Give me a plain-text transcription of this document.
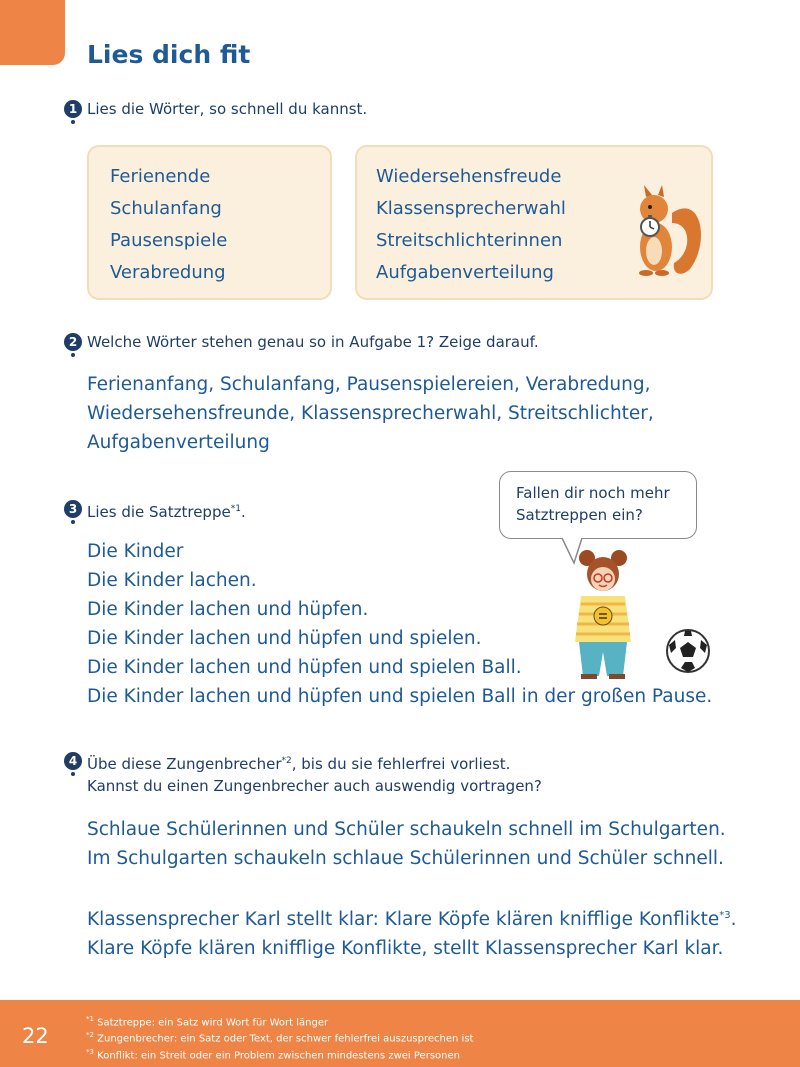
Lies dich fit
1 Lies die Wörter, so schnell du kannst.
Ferienende
Schulanfang
Pausenspiele
Verabredung
Wiedersehensfreude
Klassensprecherwahl
Streitschlichterinnen
Aufgabenverteilung
2 Welche Wörter stehen genau so in Aufgabe 1? Zeige darauf.
Ferienanfang, Schulanfang, Pausenspielereien, Verabredung,
Wiedersehensfreunde, Klassensprecherwahl, Streitschlichter,
Aufgabenverteilung
3 Lies die Satztreppe$^{*1}$.
Fallen dir noch mehr
Satztreppen ein?
Die Kinder
Die Kinder lachen.
Die Kinder lachen und hüpfen.
Die Kinder lachen und hüpfen und spielen.
Die Kinder lachen und hüpfen und spielen Ball.
Die Kinder lachen und hüpfen und spielen Ball in der großen Pause.
4 Übe diese Zungenbrecher$^{*2}$, bis du sie fehlerfrei vorliest.
Kannst du einen Zungenbrecher auch auswendig vortragen?
Schlaue Schülerinnen und Schüler schaukeln schnell im Schulgarten.
Im Schulgarten schaukeln schlaue Schülerinnen und Schüler schnell.
Klassensprecher Karl stellt klar: Klare Köpfe klären knifflige Konflikte$^{*3}$.
Klare Köpfe klären knifflige Konflikte, stellt Klassensprecher Karl klar.
22
$^{*1}$ Satztreppe: ein Satz wird Wort für Wort länger
$^{*2}$ Zungenbrecher: ein Satz oder Text, der schwer fehlerfrei auszusprechen ist
$^{*3}$ Konflikt: ein Streit oder ein Problem zwischen mindestens zwei Personen
